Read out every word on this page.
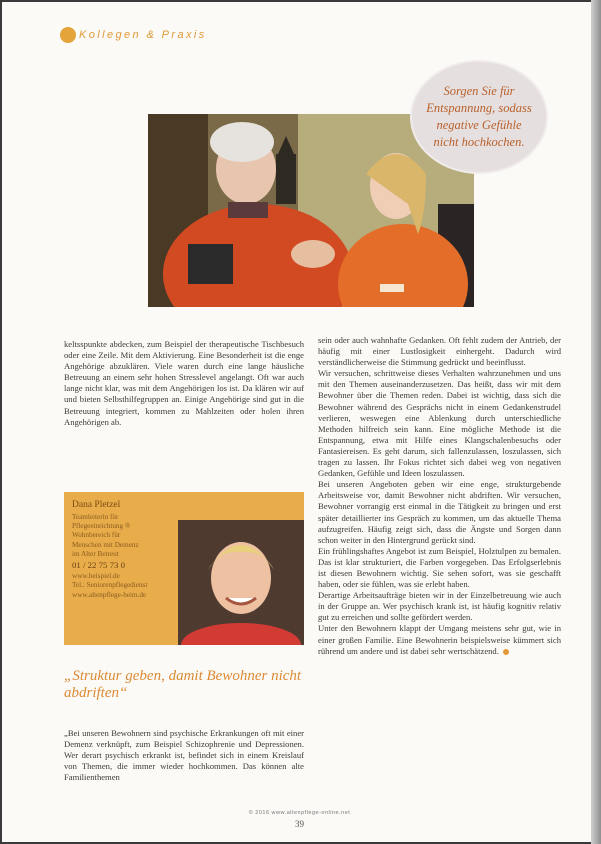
Kollegen & Praxis
Sorgen Sie für Entspannung, sodass negative Gefühle nicht hochkochen.

keltsspunkte abdecken, zum Beispiel der therapeutische Tischbesuch oder eine Zeile. Mit dem Aktivierung. Eine Besonderheit ist die enge Angehörige abzuklären. Viele waren durch eine lange häusliche Betreuung an einem sehr hohen Stresslevel angelangt. Oft war auch lange nicht klar, was mit dem Angehörigen los ist. Da klären wir auf und bieten Selbsthilfegruppen an. Einige Angehörige sind gut in die Betreuung integriert, kommen zu Mahlzeiten oder holen ihren Angehörigen ab.

Dana Pletzel
Teamleiterin für
Pflegeeinrichtung ®
Wohnbereich für
Menschen mit Demenz
im Alter Betreut
01 / 22 75 73 0
www.beispiel.de
Tel.: Seniorenpflegedienst
www.altenpflege-heim.de
„Struktur geben, damit Bewohner nicht abdriften“
„Bei unseren Bewohnern sind psychische Erkrankungen oft mit einer Demenz verknüpft, zum Beispiel Schizophrenie und Depressionen. Wer derart psychisch erkrankt ist, befindet sich in einem Kreislauf von Themen, die immer wieder hochkommen. Das können alte Familienthemen

sein oder auch wahnhafte Gedanken. Oft fehlt zudem der Antrieb, der häufig mit einer Lustlosigkeit einhergeht. Dadurch wird verständlicherweise die Stimmung gedrückt und beeinflusst.

Wir versuchen, schrittweise dieses Verhalten wahrzunehmen und uns mit den Themen auseinanderzusetzen. Das heißt, dass wir mit dem Bewohner über die Themen reden. Dabei ist wichtig, dass sich die Bewohner während des Gesprächs nicht in einem Gedankenstrudel verlieren, weswegen eine Ablenkung durch unterschiedliche Methoden hilfreich sein kann. Eine mögliche Methode ist die Entspannung, etwa mit Hilfe eines Klangschalenbesuchs oder Fantasiereisen. Es geht darum, sich fallenzulassen, loszulassen, sich tragen zu lassen. Ihr Fokus richtet sich dabei weg von negativen Gedanken, Gefühle und Ideen loszulassen.

Bei unseren Angeboten geben wir eine enge, strukturgebende Arbeitsweise vor, damit Bewohner nicht abdriften. Wir versuchen, Bewohner vorrangig erst einmal in die Tätigkeit zu bringen und erst später detaillierter ins Gespräch zu kommen, um das aktuelle Thema aufzugreifen. Häufig zeigt sich, dass die Ängste und Sorgen dann schon weiter in den Hintergrund gerückt sind.

Ein frühlingshaftes Angebot ist zum Beispiel, Holztulpen zu bemalen. Das ist klar strukturiert, die Farben vorgegeben. Das Erfolgserlebnis ist diesen Bewohnern wichtig. Sie sehen sofort, was sie geschafft haben, oder sie fühlen, was sie erlebt haben.

Derartige Arbeitsaufträge bieten wir in der Einzelbetreuung wie auch in der Gruppe an. Wer psychisch krank ist, ist häufig kognitiv relativ gut zu erreichen und sollte gefördert werden.

Unter den Bewohnern klappt der Umgang meistens sehr gut, wie in einer großen Familie. Eine Bewohnerin beispielsweise kümmert sich rührend um andere und ist dabei sehr wertschätzend.

© 2016 www.altenpflege-online.net
39
